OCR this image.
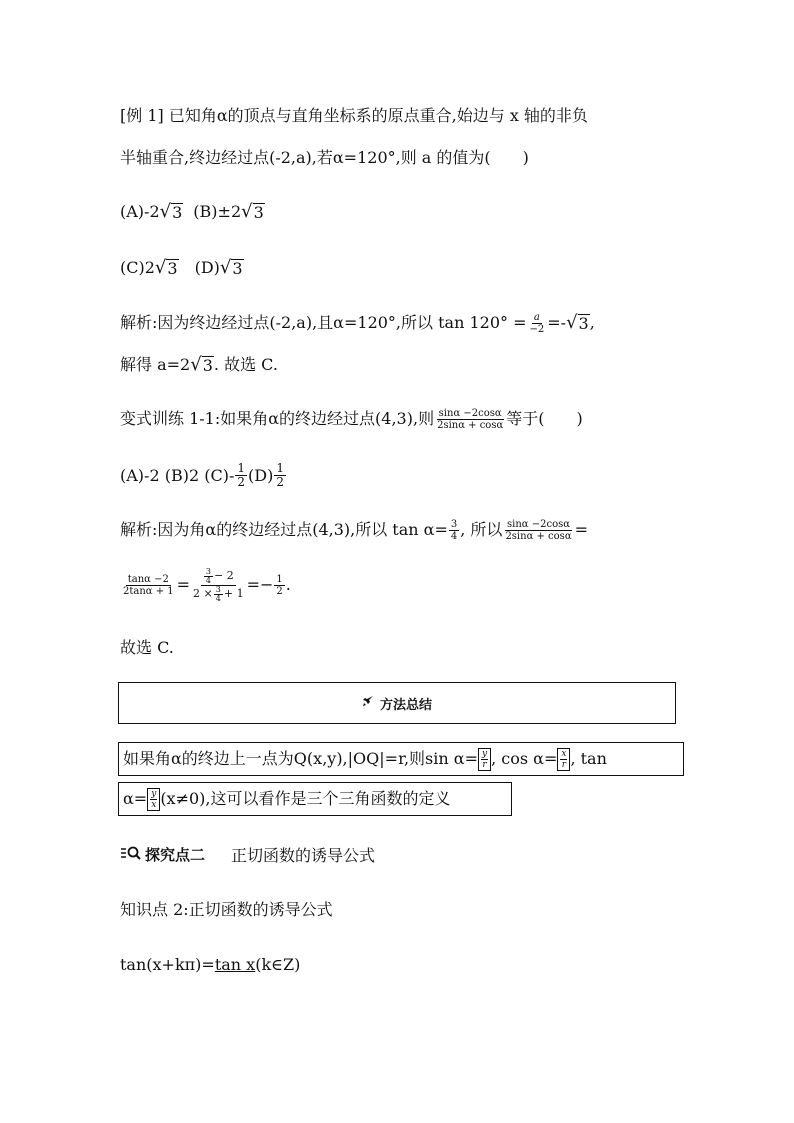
[例 1] 已知角α的顶点与直角坐标系的原点重合,始边与 x 轴的非负
半轴重合,终边经过点(-2,a),若α=120°,则 a 的值为(　　)
(A)-2 √ 3 (B)±2 √ 3
(C)2 √ 3 (D) √ 3
解析:因为终边经过点(-2,a),且α=120°,所以 $\tan 120^\circ = \frac{a}{-2}$ =- √ 3 ,
解得 a=2 √ 3 . 故选 C.
变式训练 1-1:如果角α的终边经过点(4,3),则 $\frac{\sin\alpha -2\cos\alpha}{2\sin\alpha + \cos\alpha}$ 等于(　　)
(A)-2 (B)2 $(C)- \frac{1}{2} (D) \frac{1}{2}$
解析:因为角α的终边经过点(4,3),所以 $\tan \alpha= \frac{3}{4}$ , 所以 $\frac{\sin\alpha -2\cos\alpha}{2\sin\alpha + \cos\alpha}$ =
$\frac{\tan\alpha -2}{2\tan\alpha + 1} = \frac{\frac{3}{4} - 2}{2 \times \frac{3}{4} + 1} =- \frac{1}{2}$ .
故选 C.
方法总结
如果角α的终边上一点为Q(x,y),|OQ|=r,则$\sin \alpha= \frac{y}{r}$ , $\cos \alpha= \frac{x}{r}$ , tan
$\alpha= \frac{y}{x} (x\ne 0)$,这可以看作是三个三角函数的定义
探究点二 正切函数的诱导公式
知识点 2:正切函数的诱导公式
tan(x+kπ)= tan x (k∈Z)
